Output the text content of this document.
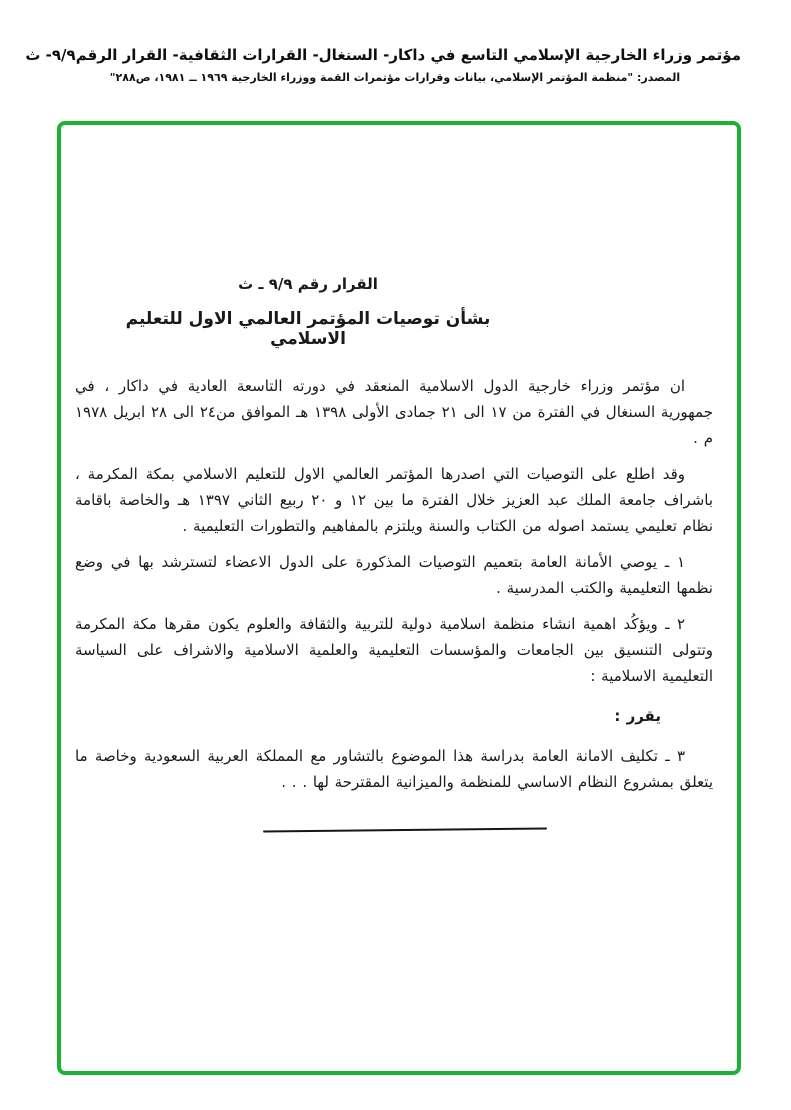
مؤتمر وزراء الخارجية الإسلامي التاسع في داكار- السنغال- القرارات الثقافية- القرار الرقم٩/٩- ث
المصدر: "منظمة المؤتمر الإسلامي، بيانات وقرارات مؤتمرات القمة ووزراء الخارجية ١٩٦٩ ــ ١٩٨١، ص٢٨٨"
القرار رقم ٩/٩ ـ ث
بشأن توصيات المؤتمر العالمي الاول للتعليم الاسلامي

ان مؤتمر وزراء خارجية الدول الاسلامية المنعقد في دورته التاسعة العادية في داكار ، في جمهورية السنغال في الفترة من ١٧ الى ٢١ جمادى الأولى ١٣٩٨ هـ الموافق من٢٤ الى ٢٨ ابريل ١٩٧٨ م .

وقد اطلع على التوصيات التي اصدرها المؤتمر العالمي الاول للتعليم الاسلامي بمكة المكرمة ، باشراف جامعة الملك عبد العزيز خلال الفترة ما بين ١٢ و ٢٠ ربيع الثاني ١٣٩٧ هـ والخاصة باقامة نظام تعليمي يستمد اصوله من الكتاب والسنة ويلتزم بالمفاهيم والتطورات التعليمية .

١ ـ يوصي الأمانة العامة بتعميم التوصيات المذكورة على الدول الاعضاء لتسترشد بها في وضع نظمها التعليمية والكتب المدرسية .

٢ ـ ويؤكُد اهمية انشاء منظمة اسلامية دولية للتربية والثقافة والعلوم يكون مقرها مكة المكرمة وتتولى التنسيق بين الجامعات والمؤسسات التعليمية والعلمية الاسلامية والاشراف على السياسة التعليمية الاسلامية :

يقرر :

٣ ـ تكليف الامانة العامة بدراسة هذا الموضوع بالتشاور مع المملكة العربية السعودية وخاصة ما يتعلق بمشروع النظام الاساسي للمنظمة والميزانية المقترحة لها . . .
